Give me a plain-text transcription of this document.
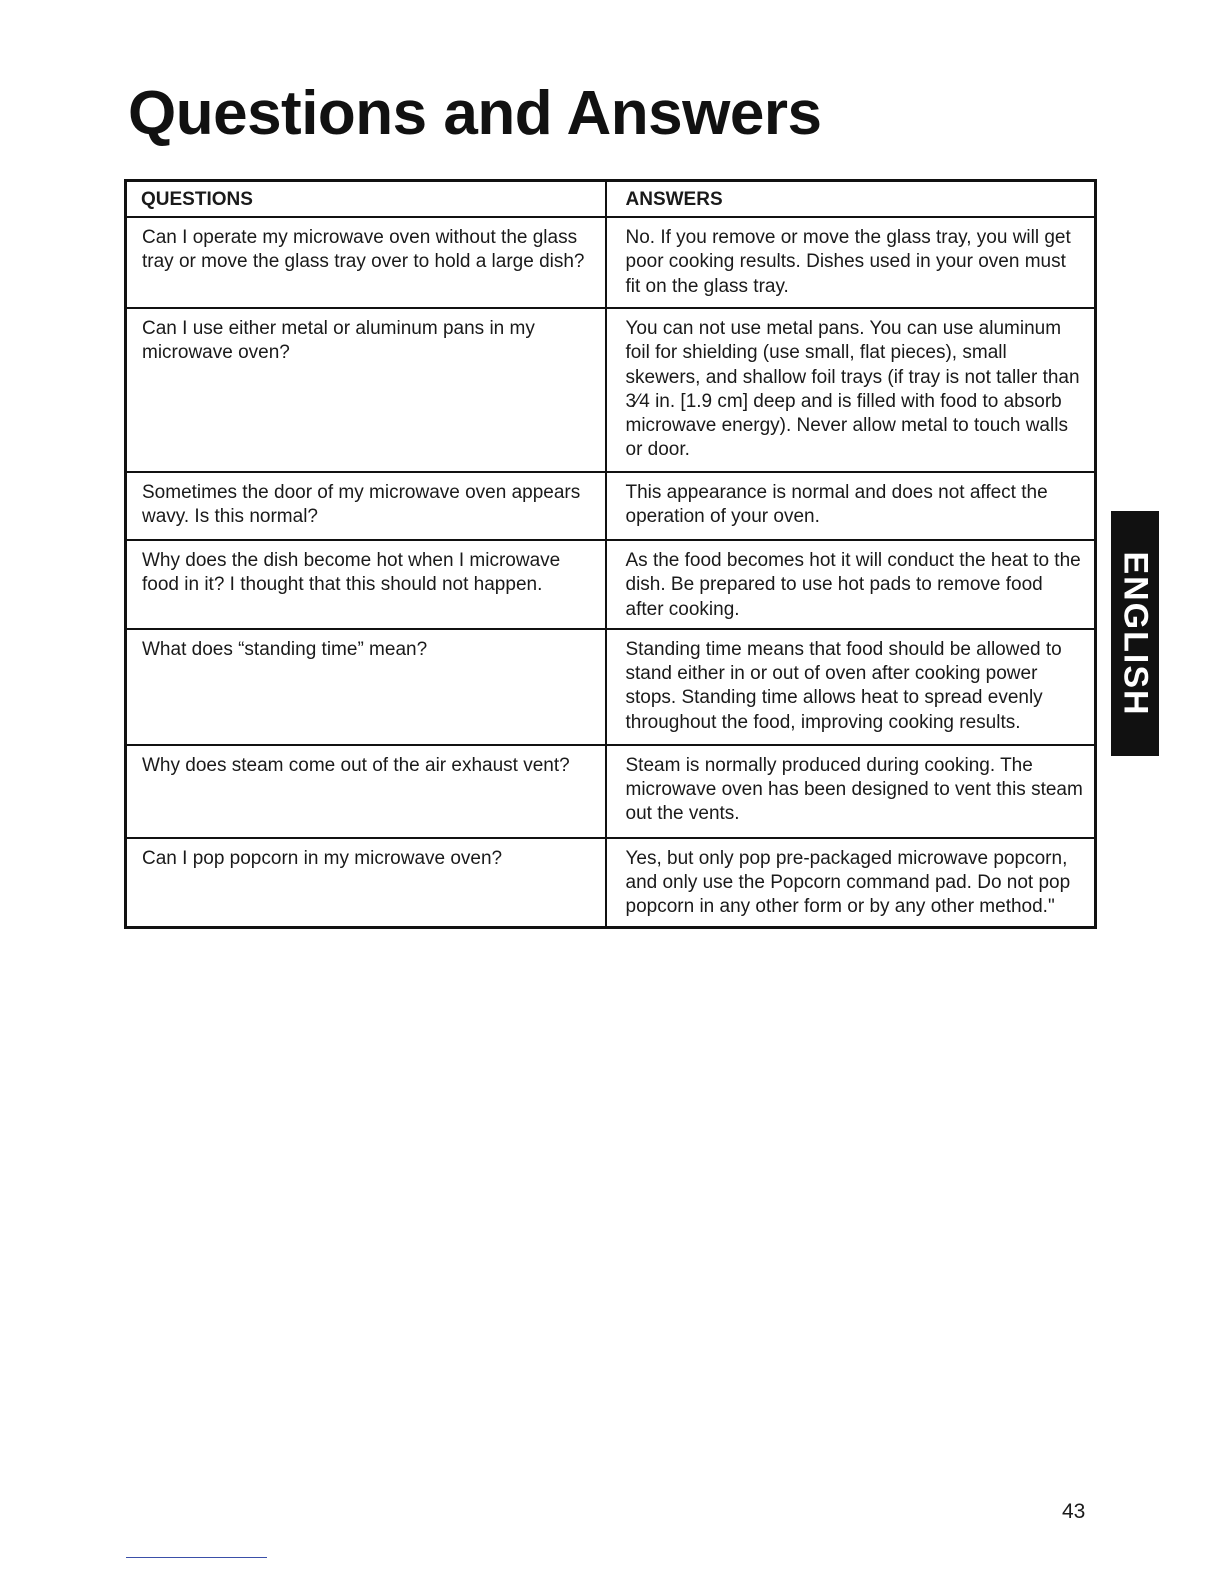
Questions and Answers
QUESTIONS	ANSWERS
Can I operate my microwave oven without the glass tray or move the glass tray over to hold a large dish?	No. If you remove or move the glass tray, you will get poor cooking results. Dishes used in your oven must fit on the glass tray.
Can I use either metal or aluminum pans in my microwave oven?	You can not use metal pans. You can use aluminum foil for shielding (use small, flat pieces), small skewers, and shallow foil trays (if tray is not taller than 3⁄4 in. [1.9 cm] deep and is filled with food to absorb microwave energy). Never allow metal to touch walls or door.
Sometimes the door of my microwave oven appears wavy. Is this normal?	This appearance is normal and does not affect the operation of your oven.
Why does the dish become hot when I microwave food in it? I thought that this should not happen.	As the food becomes hot it will conduct the heat to the dish. Be prepared to use hot pads to remove food after cooking.
What does “standing time” mean?	Standing time means that food should be allowed to stand either in or out of oven after cooking power stops. Standing time allows heat to spread evenly throughout the food, improving cooking results.
Why does steam come out of the air exhaust vent?	Steam is normally produced during cooking. The microwave oven has been designed to vent this steam out the vents.
Can I pop popcorn in my microwave oven?	Yes, but only pop pre-packaged microwave popcorn, and only use the Popcorn command pad. Do not pop popcorn in any other form or by any other method."
ENGLISH
43
